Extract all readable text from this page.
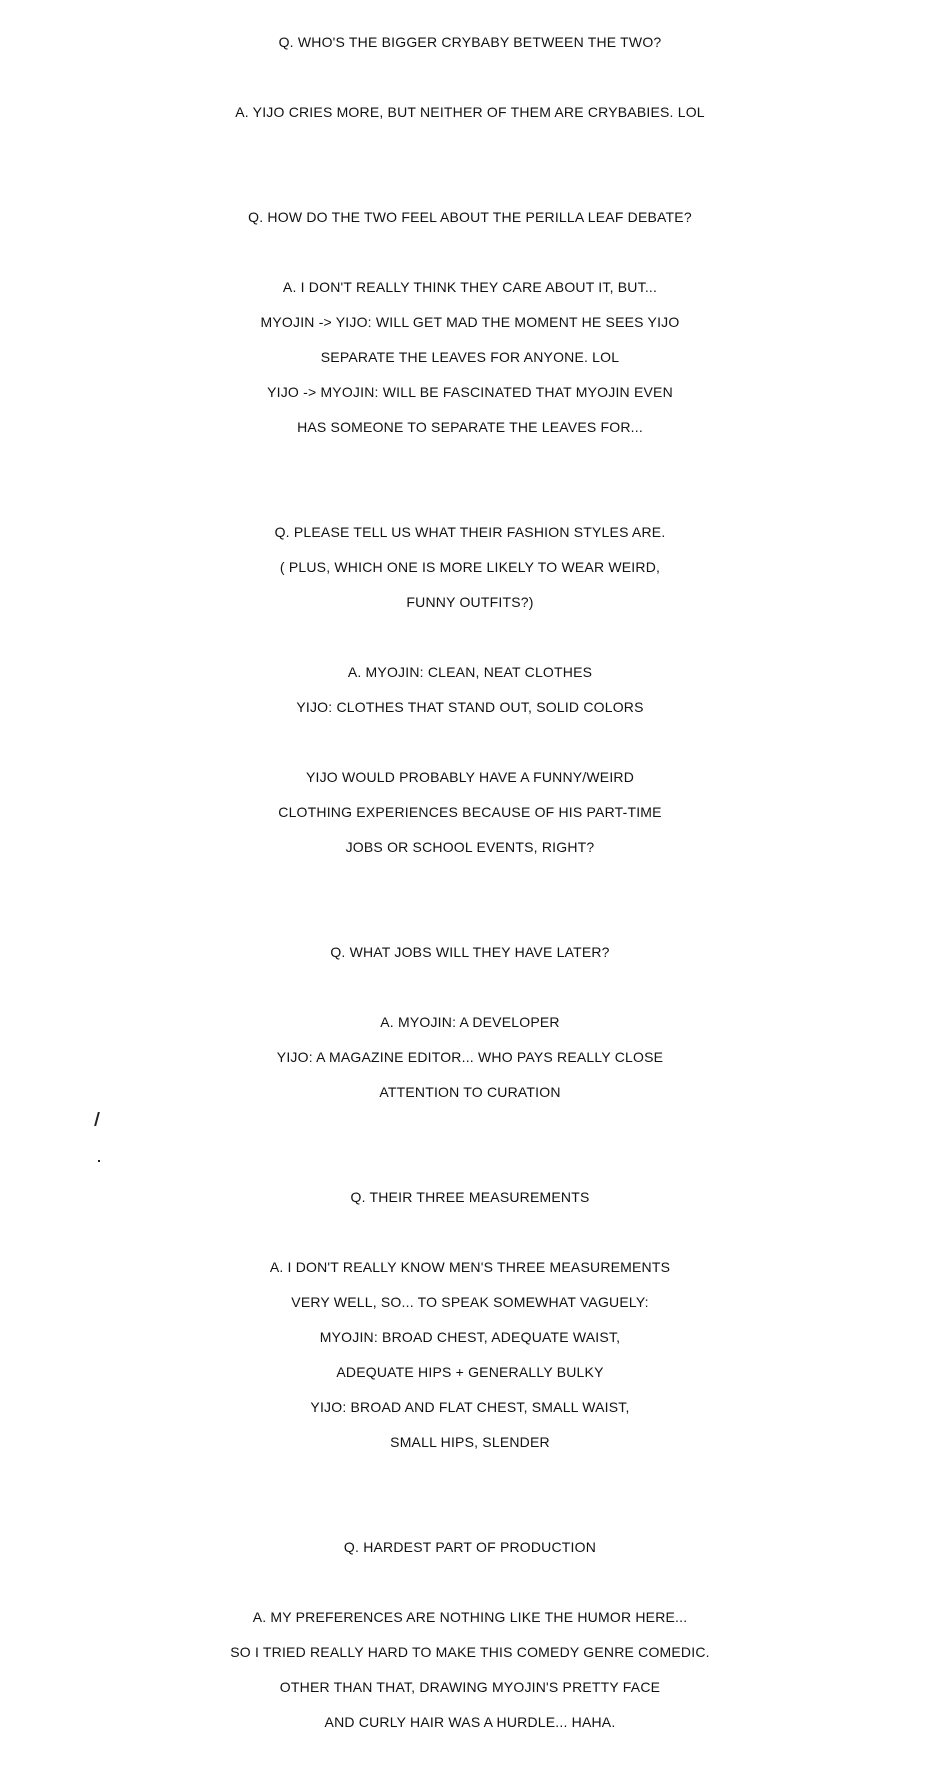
Q. WHO'S THE BIGGER CRYBABY BETWEEN THE TWO?
A. YIJO CRIES MORE, BUT NEITHER OF THEM ARE CRYBABIES. LOL
Q. HOW DO THE TWO FEEL ABOUT THE PERILLA LEAF DEBATE?
A. I DON'T REALLY THINK THEY CARE ABOUT IT, BUT...
MYOJIN -> YIJO: WILL GET MAD THE MOMENT HE SEES YIJO
SEPARATE THE LEAVES FOR ANYONE. LOL
YIJO -> MYOJIN: WILL BE FASCINATED THAT MYOJIN EVEN
HAS SOMEONE TO SEPARATE THE LEAVES FOR...
Q. PLEASE TELL US WHAT THEIR FASHION STYLES ARE.
( PLUS, WHICH ONE IS MORE LIKELY TO WEAR WEIRD,
FUNNY OUTFITS?)
A. MYOJIN: CLEAN, NEAT CLOTHES
YIJO: CLOTHES THAT STAND OUT, SOLID COLORS
YIJO WOULD PROBABLY HAVE A FUNNY/WEIRD
CLOTHING EXPERIENCES BECAUSE OF HIS PART-TIME
JOBS OR SCHOOL EVENTS, RIGHT?
Q. WHAT JOBS WILL THEY HAVE LATER?
A. MYOJIN: A DEVELOPER
YIJO: A MAGAZINE EDITOR... WHO PAYS REALLY CLOSE
ATTENTION TO CURATION
Q. THEIR THREE MEASUREMENTS
A. I DON'T REALLY KNOW MEN'S THREE MEASUREMENTS
VERY WELL, SO... TO SPEAK SOMEWHAT VAGUELY:
MYOJIN: BROAD CHEST, ADEQUATE WAIST,
ADEQUATE HIPS + GENERALLY BULKY
YIJO: BROAD AND FLAT CHEST, SMALL WAIST,
SMALL HIPS, SLENDER
Q. HARDEST PART OF PRODUCTION
A. MY PREFERENCES ARE NOTHING LIKE THE HUMOR HERE...
SO I TRIED REALLY HARD TO MAKE THIS COMEDY GENRE COMEDIC.
OTHER THAN THAT, DRAWING MYOJIN'S PRETTY FACE
AND CURLY HAIR WAS A HURDLE... HAHA.
